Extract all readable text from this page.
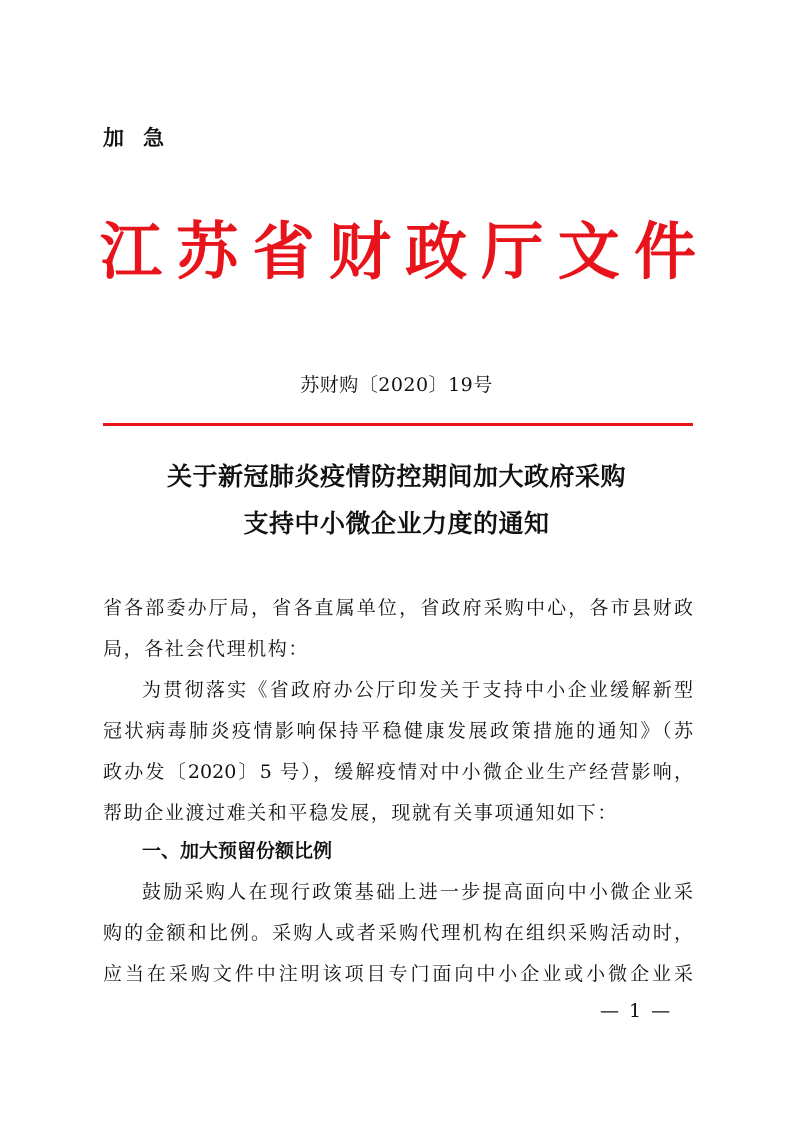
加急
江 苏 省 财 政 厅 文 件
苏财购〔2020〕19号
关于新冠肺炎疫情防控期间加大政府采购
支持中小微企业力度的通知
省各部委办厅局，省各直属单位，省政府采购中心，各市县财政
局，各社会代理机构：
为贯彻落实《省政府办公厅印发关于支持中小企业缓解新型
冠状病毒肺炎疫情影响保持平稳健康发展政策措施的通知》（苏
政办发〔2020〕5 号），缓解疫情对中小微企业生产经营影响，
帮助企业渡过难关和平稳发展，现就有关事项通知如下：
一、加大预留份额比例
鼓励采购人在现行政策基础上进一步提高面向中小微企业采
购的金额和比例。采购人或者采购代理机构在组织采购活动时，
应当在采购文件中注明该项目专门面向中小企业或小微企业采
— 1 —
